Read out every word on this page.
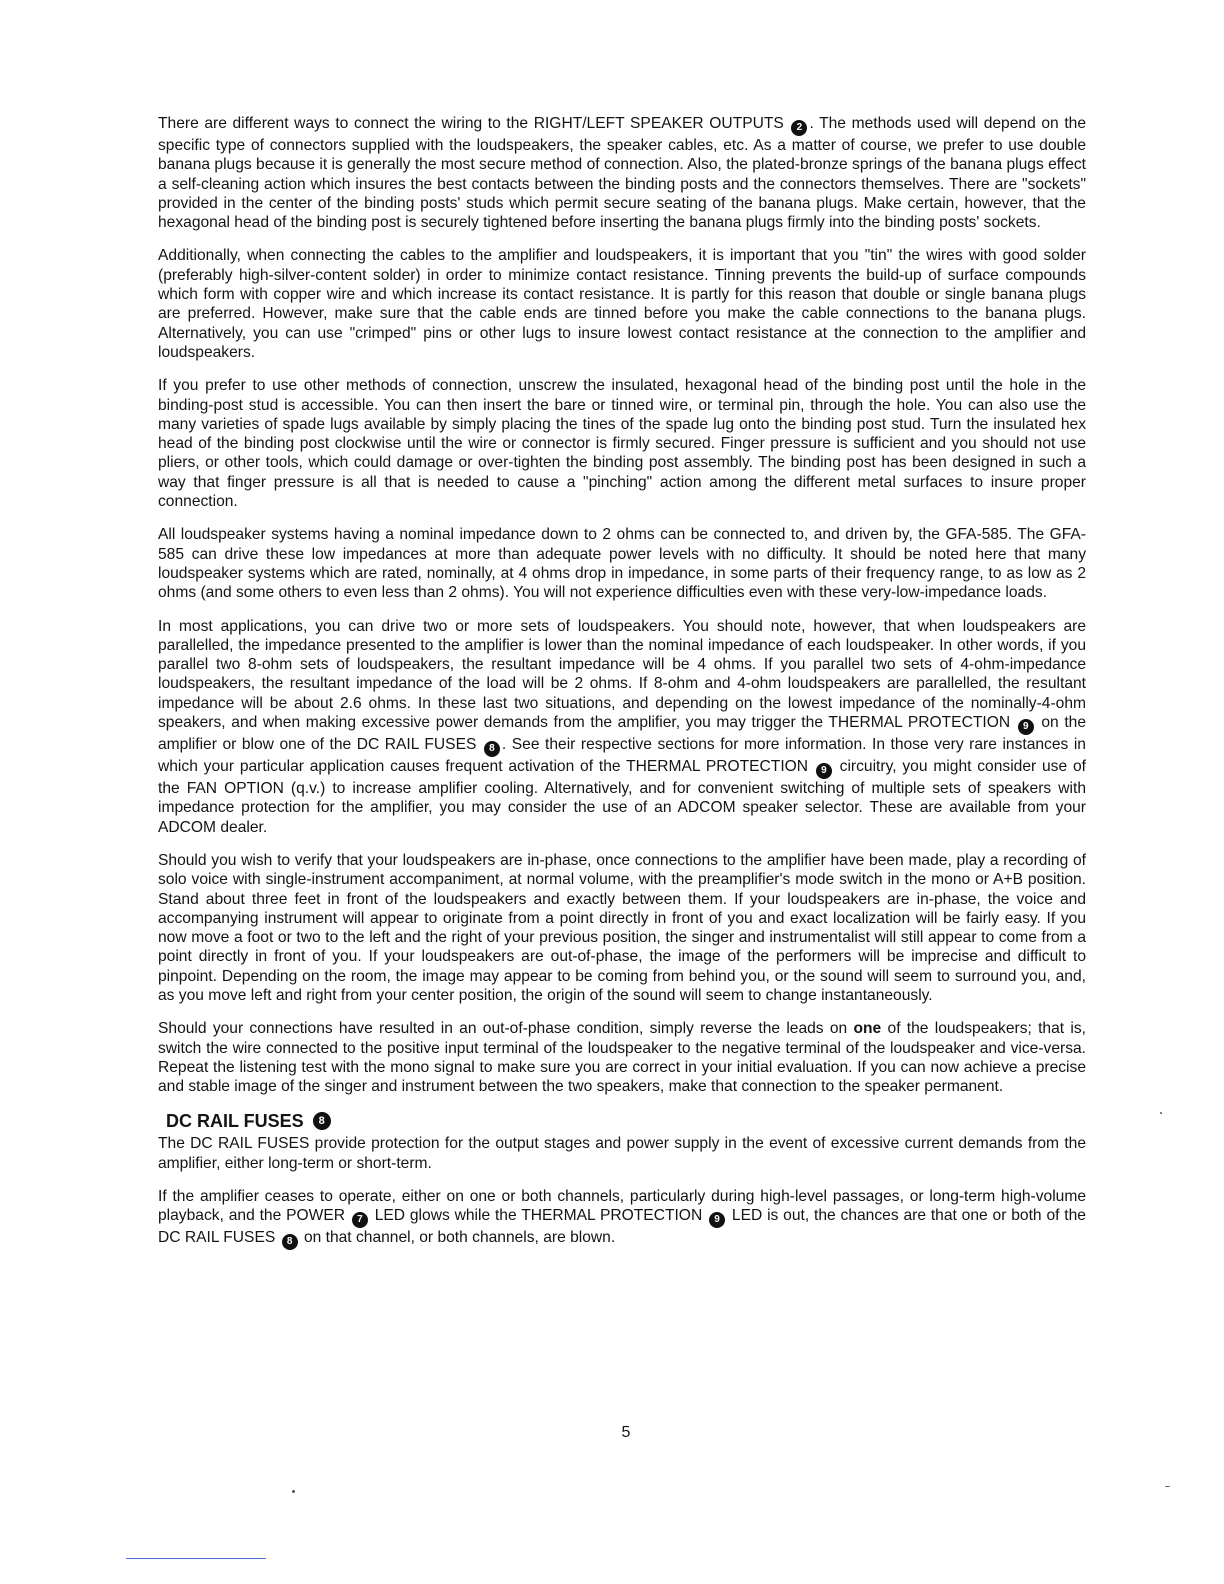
There are different ways to connect the wiring to the RIGHT/LEFT SPEAKER OUTPUTS 2 . The methods used will depend on the specific type of connectors supplied with the loudspeakers, the speaker cables, etc. As a matter of course, we prefer to use double banana plugs because it is generally the most secure method of connection. Also, the plated-bronze springs of the banana plugs effect a self-cleaning action which insures the best contacts between the binding posts and the connectors themselves. There are "sockets" provided in the center of the binding posts' studs which permit secure seating of the banana plugs. Make certain, however, that the hexagonal head of the binding post is securely tightened before inserting the banana plugs firmly into the binding posts' sockets.

Additionally, when connecting the cables to the amplifier and loudspeakers, it is important that you "tin" the wires with good solder (preferably high-silver-content solder) in order to minimize contact resistance. Tinning prevents the build-up of surface compounds which form with copper wire and which increase its contact resistance. It is partly for this reason that double or single banana plugs are preferred. However, make sure that the cable ends are tinned before you make the cable connections to the banana plugs. Alternatively, you can use "crimped" pins or other lugs to insure lowest contact resistance at the connection to the amplifier and loudspeakers.

If you prefer to use other methods of connection, unscrew the insulated, hexagonal head of the binding post until the hole in the binding-post stud is accessible. You can then insert the bare or tinned wire, or terminal pin, through the hole. You can also use the many varieties of spade lugs available by simply placing the tines of the spade lug onto the binding post stud. Turn the insulated hex head of the binding post clockwise until the wire or connector is firmly secured. Finger pressure is sufficient and you should not use pliers, or other tools, which could damage or over-tighten the binding post assembly. The binding post has been designed in such a way that finger pressure is all that is needed to cause a "pinching" action among the different metal surfaces to insure proper connection.

All loudspeaker systems having a nominal impedance down to 2 ohms can be connected to, and driven by, the GFA-585. The GFA-585 can drive these low impedances at more than adequate power levels with no difficulty. It should be noted here that many loudspeaker systems which are rated, nominally, at 4 ohms drop in impedance, in some parts of their frequency range, to as low as 2 ohms (and some others to even less than 2 ohms). You will not experience difficulties even with these very-low-impedance loads.

In most applications, you can drive two or more sets of loudspeakers. You should note, however, that when loudspeakers are parallelled, the impedance presented to the amplifier is lower than the nominal impedance of each loudspeaker. In other words, if you parallel two 8-ohm sets of loudspeakers, the resultant impedance will be 4 ohms. If you parallel two sets of 4-ohm-impedance loudspeakers, the resultant impedance of the load will be 2 ohms. If 8-ohm and 4-ohm loudspeakers are parallelled, the resultant impedance will be about 2.6 ohms. In these last two situations, and depending on the lowest impedance of the nominally-4-ohm speakers, and when making excessive power demands from the amplifier, you may trigger the THERMAL PROTECTION 9 on the amplifier or blow one of the DC RAIL FUSES 8 . See their respective sections for more information. In those very rare instances in which your particular application causes frequent activation of the THERMAL PROTECTION 9 circuitry, you might consider use of the FAN OPTION (q.v.) to increase amplifier cooling. Alternatively, and for convenient switching of multiple sets of speakers with impedance protection for the amplifier, you may consider the use of an ADCOM speaker selector. These are available from your ADCOM dealer.

Should you wish to verify that your loudspeakers are in-phase, once connections to the amplifier have been made, play a recording of solo voice with single-instrument accompaniment, at normal volume, with the preamplifier's mode switch in the mono or A+B position. Stand about three feet in front of the loudspeakers and exactly between them. If your loudspeakers are in-phase, the voice and accompanying instrument will appear to originate from a point directly in front of you and exact localization will be fairly easy. If you now move a foot or two to the left and the right of your previous position, the singer and instrumentalist will still appear to come from a point directly in front of you. If your loudspeakers are out-of-phase, the image of the performers will be imprecise and difficult to pinpoint. Depending on the room, the image may appear to be coming from behind you, or the sound will seem to surround you, and, as you move left and right from your center position, the origin of the sound will seem to change instantaneously.

Should your connections have resulted in an out-of-phase condition, simply reverse the leads on one of the loudspeakers; that is, switch the wire connected to the positive input terminal of the loudspeaker to the negative terminal of the loudspeaker and vice-versa. Repeat the listening test with the mono signal to make sure you are correct in your initial evaluation. If you can now achieve a precise and stable image of the singer and instrument between the two speakers, make that connection to the speaker permanent.

DC RAIL FUSES	8

The DC RAIL FUSES provide protection for the output stages and power supply in the event of excessive current demands from the amplifier, either long-term or short-term.

If the amplifier ceases to operate, either on one or both channels, particularly during high-level passages, or long-term high-volume playback, and the POWER 7 LED glows while the THERMAL PROTECTION 9 LED is out, the chances are that one or both of the DC RAIL FUSES 8 on that channel, or both channels, are blown.

5
